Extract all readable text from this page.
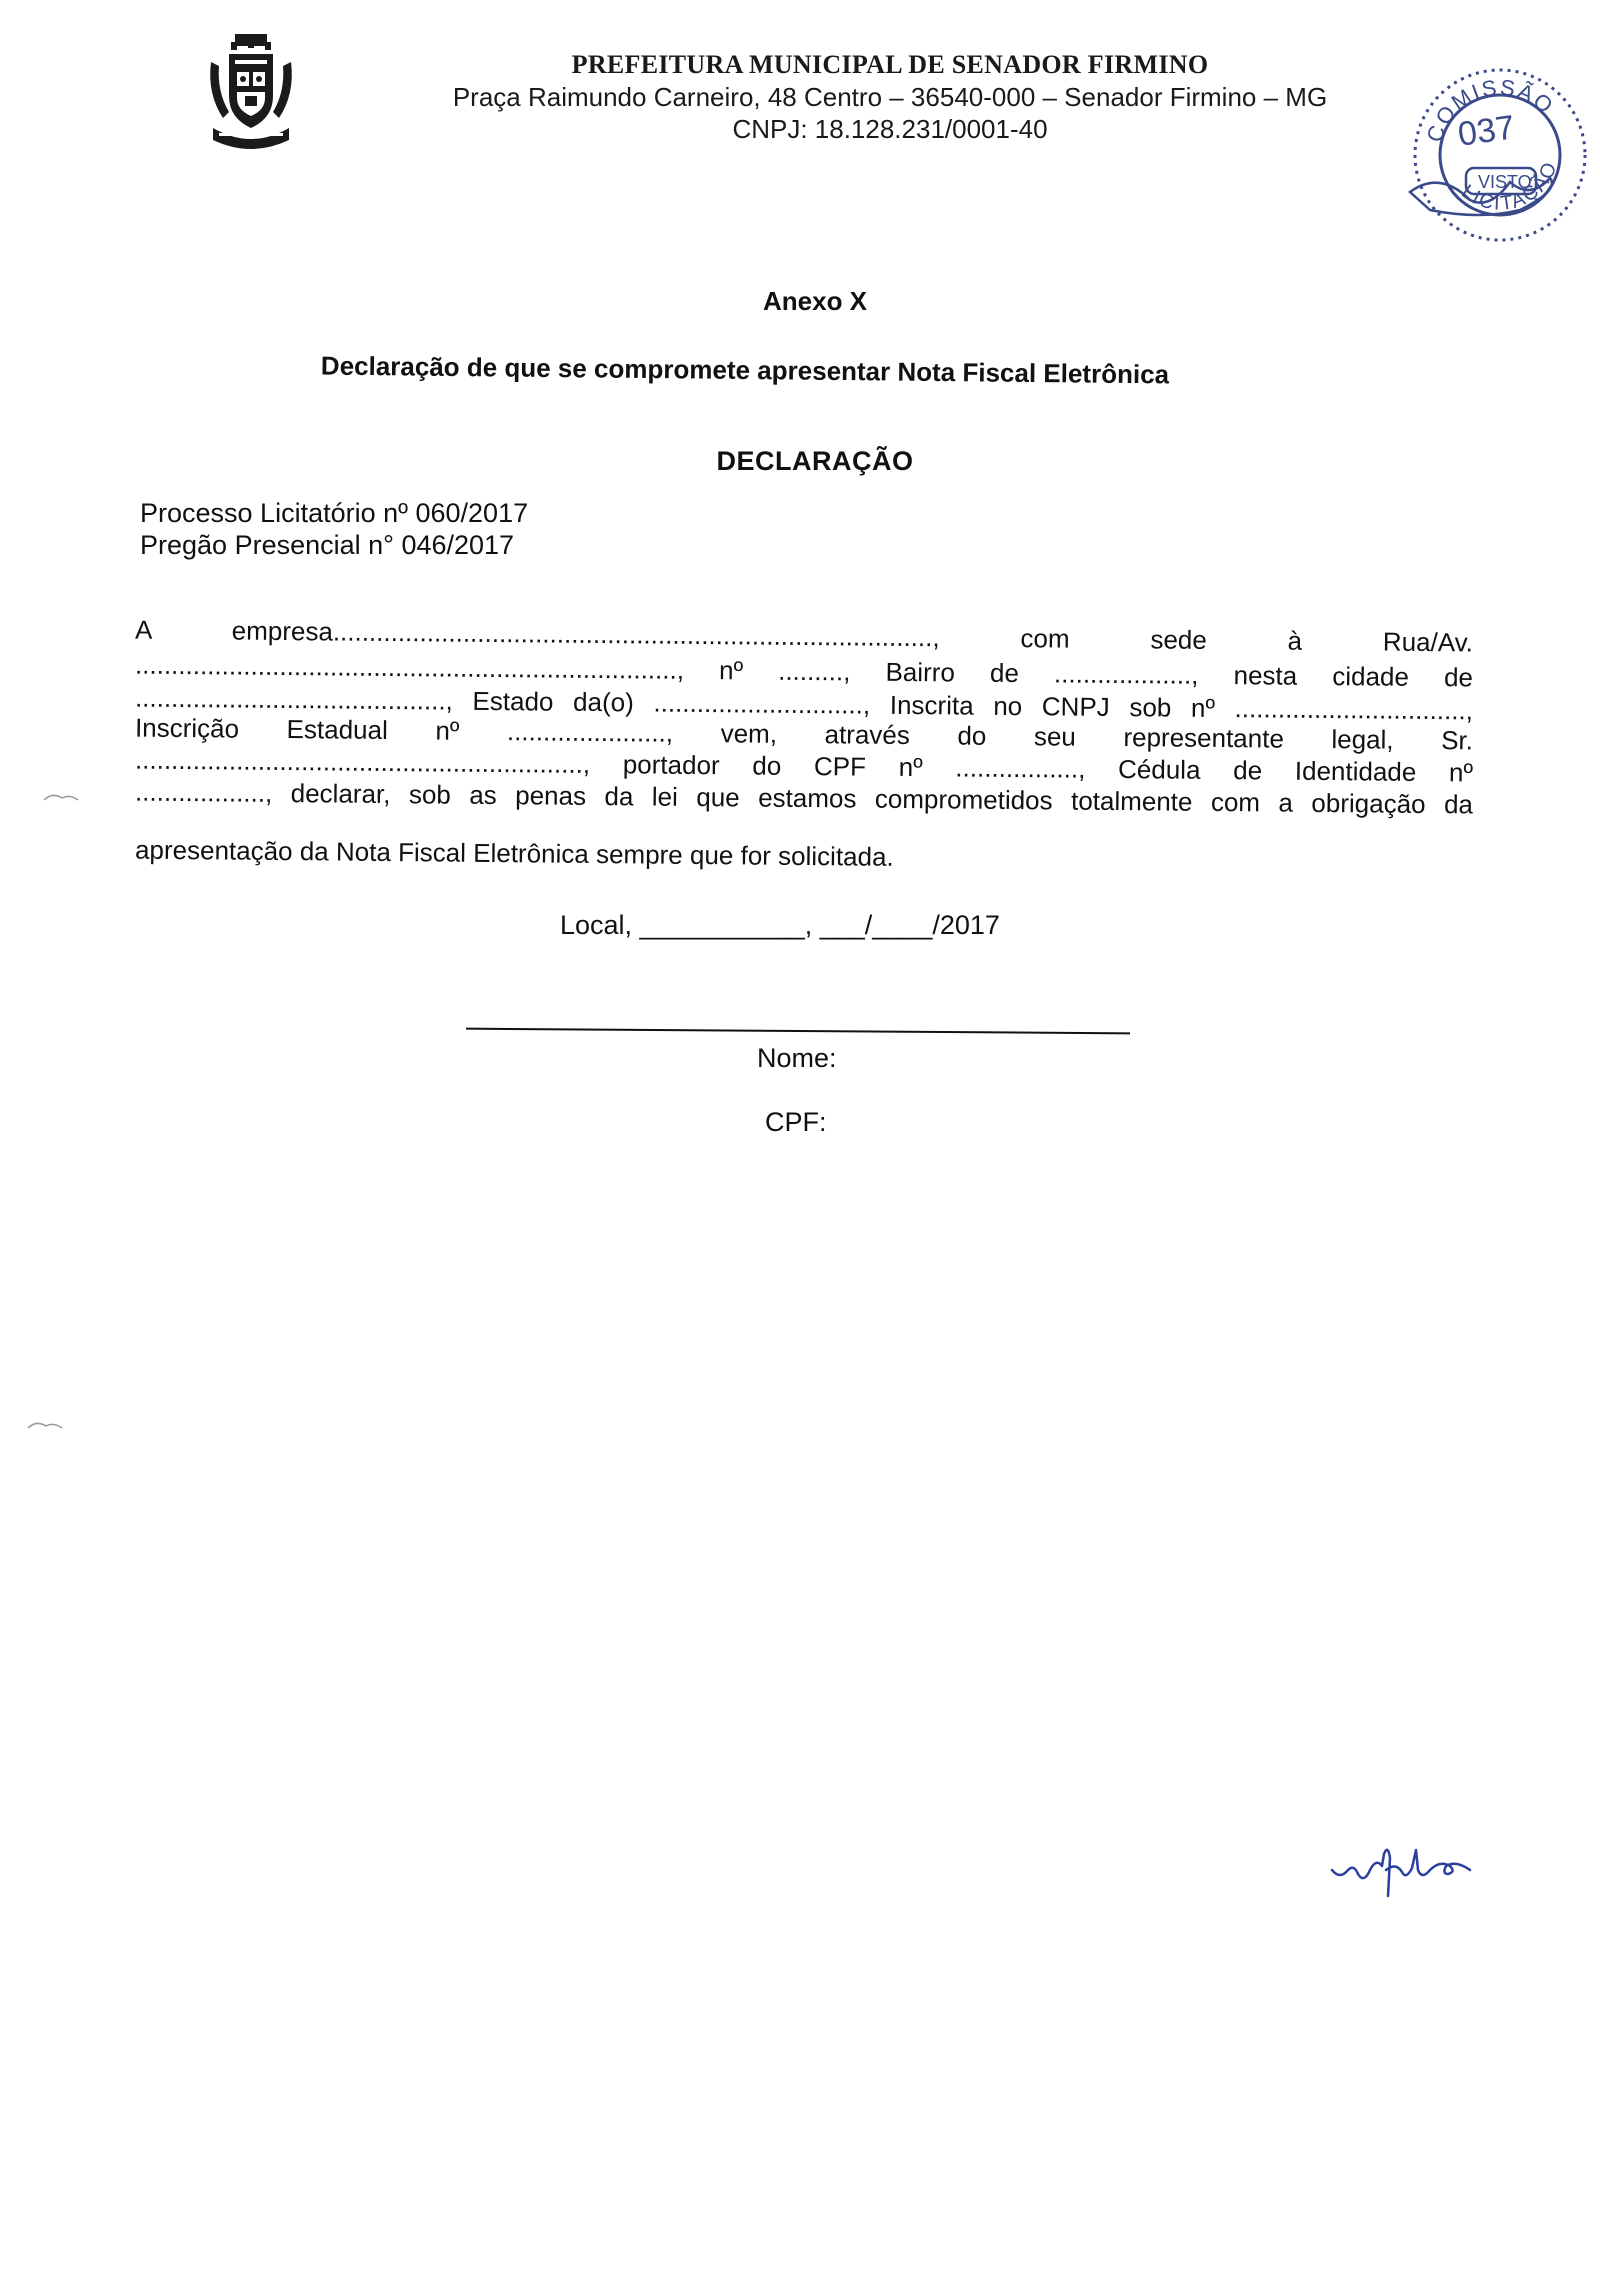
PREFEITURA MUNICIPAL DE SENADOR FIRMINO
Praça Raimundo Carneiro, 48 Centro – 36540-000 – Senador Firmino – MG
CNPJ: 18.128.231/0001-40	COMISSÃO
LICITAÇÃO
VISTO
037
Anexo X
Declaração de que se compromete apresentar Nota Fiscal Eletrônica
DECLARAÇÃO
Processo Licitatório nº 060/2017
Pregão Presencial n° 046/2017
A empresa..................................................................................., com sede à Rua/Av.
..........................................................................., nº ........., Bairro de ..................., nesta cidade de
..........................................., Estado da(o) ............................., Inscrita no CNPJ sob nº ................................,
Inscrição Estadual nº ......................, vem, através do seu representante legal, Sr.
.............................................................., portador do CPF nº ................., Cédula de Identidade nº
.................., declarar, sob as penas da lei que estamos comprometidos totalmente com a obrigação da
apresentação da Nota Fiscal Eletrônica sempre que for solicitada.
Local, ___________, ___/____/2017
Nome:
CPF:
